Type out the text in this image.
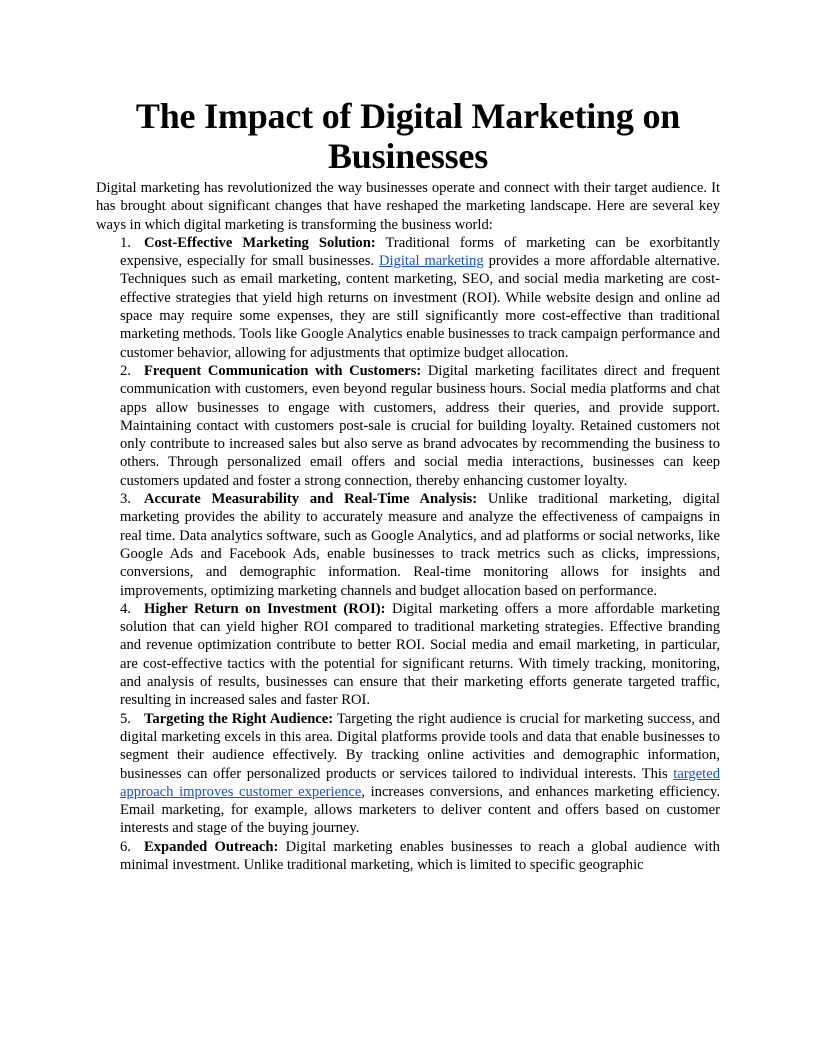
The Impact of Digital Marketing on Businesses

Digital marketing has revolutionized the way businesses operate and connect with their target audience. It has brought about significant changes that have reshaped the marketing landscape. Here are several key ways in which digital marketing is transforming the business world:

1. Cost-Effective Marketing Solution: Traditional forms of marketing can be exorbitantly expensive, especially for small businesses. Digital marketing provides a more affordable alternative. Techniques such as email marketing, content marketing, SEO, and social media marketing are cost-effective strategies that yield high returns on investment (ROI). While website design and online ad space may require some expenses, they are still significantly more cost-effective than traditional marketing methods. Tools like Google Analytics enable businesses to track campaign performance and customer behavior, allowing for adjustments that optimize budget allocation.
2. Frequent Communication with Customers: Digital marketing facilitates direct and frequent communication with customers, even beyond regular business hours. Social media platforms and chat apps allow businesses to engage with customers, address their queries, and provide support. Maintaining contact with customers post-sale is crucial for building loyalty. Retained customers not only contribute to increased sales but also serve as brand advocates by recommending the business to others. Through personalized email offers and social media interactions, businesses can keep customers updated and foster a strong connection, thereby enhancing customer loyalty.
3. Accurate Measurability and Real-Time Analysis: Unlike traditional marketing, digital marketing provides the ability to accurately measure and analyze the effectiveness of campaigns in real time. Data analytics software, such as Google Analytics, and ad platforms or social networks, like Google Ads and Facebook Ads, enable businesses to track metrics such as clicks, impressions, conversions, and demographic information. Real-time monitoring allows for insights and improvements, optimizing marketing channels and budget allocation based on performance.
4. Higher Return on Investment (ROI): Digital marketing offers a more affordable marketing solution that can yield higher ROI compared to traditional marketing strategies. Effective branding and revenue optimization contribute to better ROI. Social media and email marketing, in particular, are cost-effective tactics with the potential for significant returns. With timely tracking, monitoring, and analysis of results, businesses can ensure that their marketing efforts generate targeted traffic, resulting in increased sales and faster ROI.
5. Targeting the Right Audience: Targeting the right audience is crucial for marketing success, and digital marketing excels in this area. Digital platforms provide tools and data that enable businesses to segment their audience effectively. By tracking online activities and demographic information, businesses can offer personalized products or services tailored to individual interests. This targeted approach improves customer experience, increases conversions, and enhances marketing efficiency. Email marketing, for example, allows marketers to deliver content and offers based on customer interests and stage of the buying journey.
6. Expanded Outreach: Digital marketing enables businesses to reach a global audience with minimal investment. Unlike traditional marketing, which is limited to specific geographic
